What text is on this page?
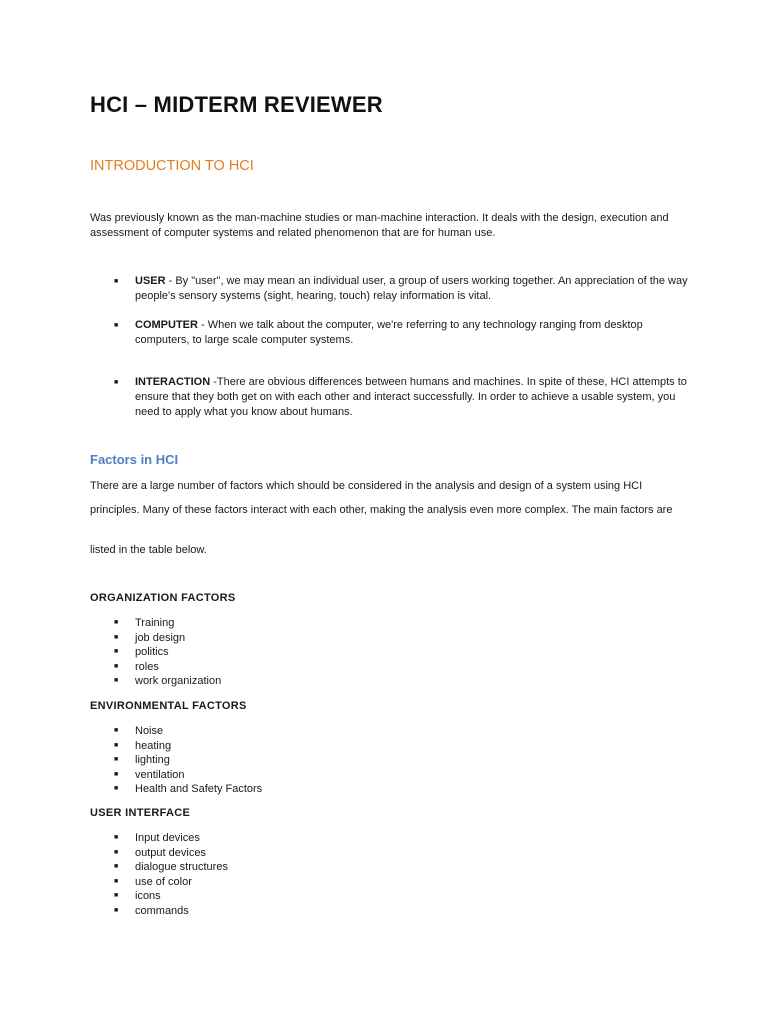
HCI – MIDTERM REVIEWER
INTRODUCTION TO HCI

Was previously known as the man-machine studies or man-machine interaction. It deals with the design, execution and assessment of computer systems and related phenomenon that are for human use.

■ USER - By "user", we may mean an individual user, a group of users working together. An appreciation of the way people's sensory systems (sight, hearing, touch) relay information is vital.
■ COMPUTER - When we talk about the computer, we're referring to any technology ranging from desktop computers, to large scale computer systems.
■ INTERACTION -There are obvious differences between humans and machines. In spite of these, HCI attempts to ensure that they both get on with each other and interact successfully. In order to achieve a usable system, you need to apply what you know about humans.
Factors in HCI

There are a large number of factors which should be considered in the analysis and design of a system using HCI

principles. Many of these factors interact with each other, making the analysis even more complex. The main factors are

listed in the table below.

ORGANIZATION FACTORS
■ Training
■ job design
■ politics
■ roles
■ work organization
ENVIRONMENTAL FACTORS
■ Noise
■ heating
■ lighting
■ ventilation
■ Health and Safety Factors
USER INTERFACE
■ Input devices
■ output devices
■ dialogue structures
■ use of color
■ icons
■ commands
